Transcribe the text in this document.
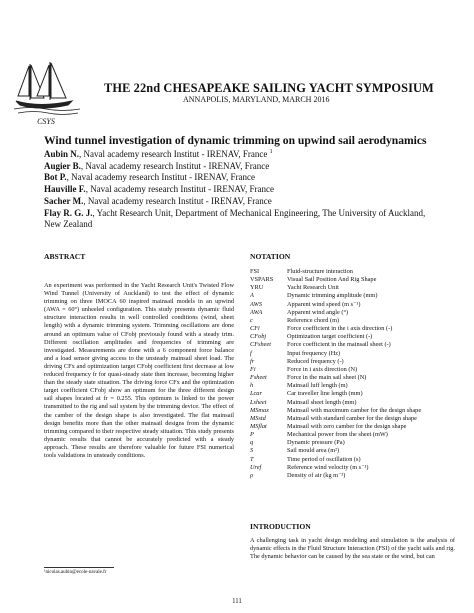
CSYS
THE 22nd CHESAPEAKE SAILING YACHT SYMPOSIUM
ANNAPOLIS, MARYLAND, MARCH 2016
Wind tunnel investigation of dynamic trimming on upwind sail aerodynamics
Aubin N., Naval academy research Institut - IRENAV, France $^1$
Augier B., Naval academy research Institut - IRENAV, France
Bot P., Naval academy research Institut - IRENAV, France
Hauville F., Naval academy research Institut - IRENAV, France
Sacher M., Naval academy research Institut - IRENAV, France
Flay R. G. J., Yacht Research Unit, Department of Mechanical Engineering, The University of Auckland, New Zealand
ABSTRACT

An experiment was performed in the Yacht Research Unit's Twisted Flow Wind Tunnel (University of Auckland) to test the effect of dynamic trimming on three IMOCA 60 inspired mainsail models in an upwind (AWA = 60°) unheeled configuration. This study presents dynamic fluid structure interaction results in well controlled conditions (wind, sheet length) with a dynamic trimming system. Trimming oscillations are done around an optimum value of CFobj previously found with a steady trim. Different oscillation amplitudes and frequencies of trimming are investigated. Measurements are done with a 6 component force balance and a load sensor giving access to the unsteady mainsail sheet load. The driving CFx and optimization target CFobj coefficient first decrease at low reduced frequency fr for quasi-steady state then increase, becoming higher than the steady state situation. The driving force CFx and the optimization target coefficient CFobj show an optimum for the three different design sail shapes located at fr = 0.255. This optimum is linked to the power transmitted to the rig and sail system by the trimming device. The effect of the camber of the design shape is also investigated. The flat mainsail design benefits more than the other mainsail designs from the dynamic trimming compared to their respective steady situation. This study presents dynamic results that cannot be accurately predicted with a steady approach. These results are therefore valuable for future FSI numerical tools validations in unsteady conditions.

NOTATION
FSI	Fluid-structure interaction
VSPARS	Visual Sail Position And Rig Shape
YRU	Yacht Research Unit
A	Dynamic trimming amplitude (mm)
AWS	Apparent wind speed (m s⁻¹)
AWA	Apparent wind angle (°)
c	Reference chord (m)
CFi	Force coefficient in the i axis direction (-)
CFobj	Optimization target coefficient (-)
CFsheet	Force coefficient in the mainsail sheet (-)
f	Input frequency (Hz)
fr	Reduced frequency (-)
Fi	Force in i axis direction (N)
Fsheet	Force in the main sail sheet (N)
h	Mainsail luff length (m)
Lcar	Car traveller line length (mm)
Lsheet	Mainsail sheet length (mm)
MSmax	Mainsail with maximum camber for the design shape
MSstd	Mainsail with standard camber for the design shape
MSflat	Mainsail with zero camber for the design shape
P	Mechanical power from the sheet (mW)
q	Dynamic pressure (Pa)
S	Sail mould area (m²)
T	Time period of oscillation (s)
Uref	Reference wind velocity (m s⁻¹)
ρ	Density of air (kg m⁻³)
INTRODUCTION

A challenging task in yacht design modeling and simulation is the analysis of dynamic effects in the Fluid Structure Interaction (FSI) of the yacht sails and rig. The dynamic behavior can be caused by the sea state or the wind, but can

¹nicolas.aubin@ecole-navale.fr
111
